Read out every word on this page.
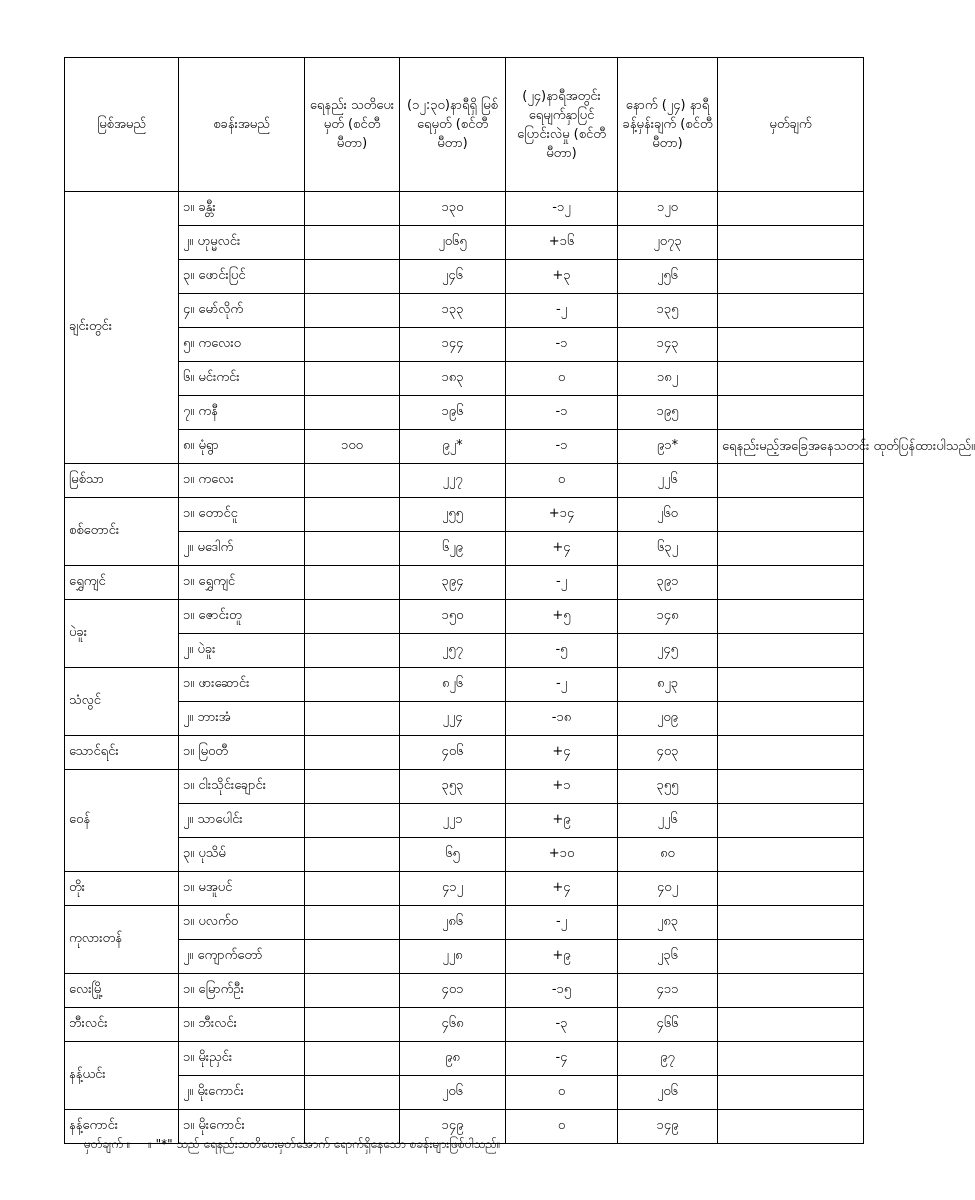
မြစ်အမည်	စခန်းအမည်	ရေနည်း သတိပေးမှတ် (စင်တီမီတာ)	(၁၂:၃၀)နာရီရှိ မြစ်ရေမှတ် (စင်တီမီတာ)	(၂၄)နာရီအတွင်း ရေမျက်နှာပြင် ပြောင်းလဲမှု (စင်တီမီတာ)	နောက် (၂၄) နာရီ ခန့်မှန်းချက် (စင်တီမီတာ)	မှတ်ချက်
ချင်းတွင်း	၁။ ခန္တီး		၁၃၀	-၁၂	၁၂၀	
	၂။ ဟုမ္မလင်း		၂၀၆၅	+၁၆	၂၀၇၃	
	၃။ ဖောင်းပြင်		၂၄၆	+၃	၂၅၆	
	၄။ မော်လိုက်		၁၃၃	-၂	၁၃၅	
	၅။ ကလေးဝ		၁၄၄	-၁	၁၄၃	
	၆။ မင်းကင်း		၁၈၃	၀	၁၈၂	
	၇။ ကနီ		၁၉၆	-၁	၁၉၅	
	၈။ မုံရွာ	၁၀၀	၉၂*	-၁	၉၁*	ရေနည်းမည့်အခြေအနေသတင်း ထုတ်ပြန်ထားပါသည်။
မြစ်သာ	၁။ ကလေး		၂၂၇	၀	၂၂၆	
စစ်တောင်း	၁။ တောင်ငူ		၂၅၅	+၁၄	၂၆၀	
	၂။ မဒေါက်		၆၂၉	+၄	၆၃၂	
ရွှေကျင်	၁။ ရွှေကျင်		၃၉၄	-၂	၃၉၁	
ပဲခူး	၁။ ဇောင်းတူ		၁၅၀	+၅	၁၄၈	
	၂။ ပဲခူး		၂၅၇	-၅	၂၄၅	
သံလွင်	၁။ ဖားဆောင်း		၈၂၆	-၂	၈၂၃	
	၂။ ဘားအံ		၂၂၄	-၁၈	၂၀၉	
သောင်ရင်း	၁။ မြဝတီ		၄၀၆	+၄	၄၀၃	
ဝေန်	၁။ ငါးသိုင်းချောင်း		၃၅၃	+၁	၃၅၅	
	၂။ သာပေါင်း		၂၂၁	+၉	၂၂၆	
	၃။ ပုသိမ်		၆၅	+၁၀	၈၀	
တိုး	၁။ မအူပင်		၄၁၂	+၄	၄၀၂	
ကုလားတန်	၁။ ပလက်ဝ		၂၈၆	-၂	၂၈၃	
	၂။ ကျောက်တော်		၂၂၈	+၉	၂၃၆	
လေးမြို့	၁။ မြောက်ဦး		၄၀၁	-၁၅	၄၁၁	
ဘီးလင်း	၁။ ဘီးလင်း		၄၆၈	-၃	၄၆၆	
နန့်ယင်း	၁။ မိုးညှင်း		၉၈	-၄	၉၇	
	၂။ မိုးကောင်း		၂၀၆	၀	၂၀၆	
နန့်ကောင်း	၁။ မိုးကောင်း		၁၄၉	၀	၁၄၉	
မှတ်ချက် ။ ။ "*" သည် ရေနည်းသတိပေးမှတ်အောက် ရောက်ရှိနေသော စခန်းများဖြစ်ပါသည်။
